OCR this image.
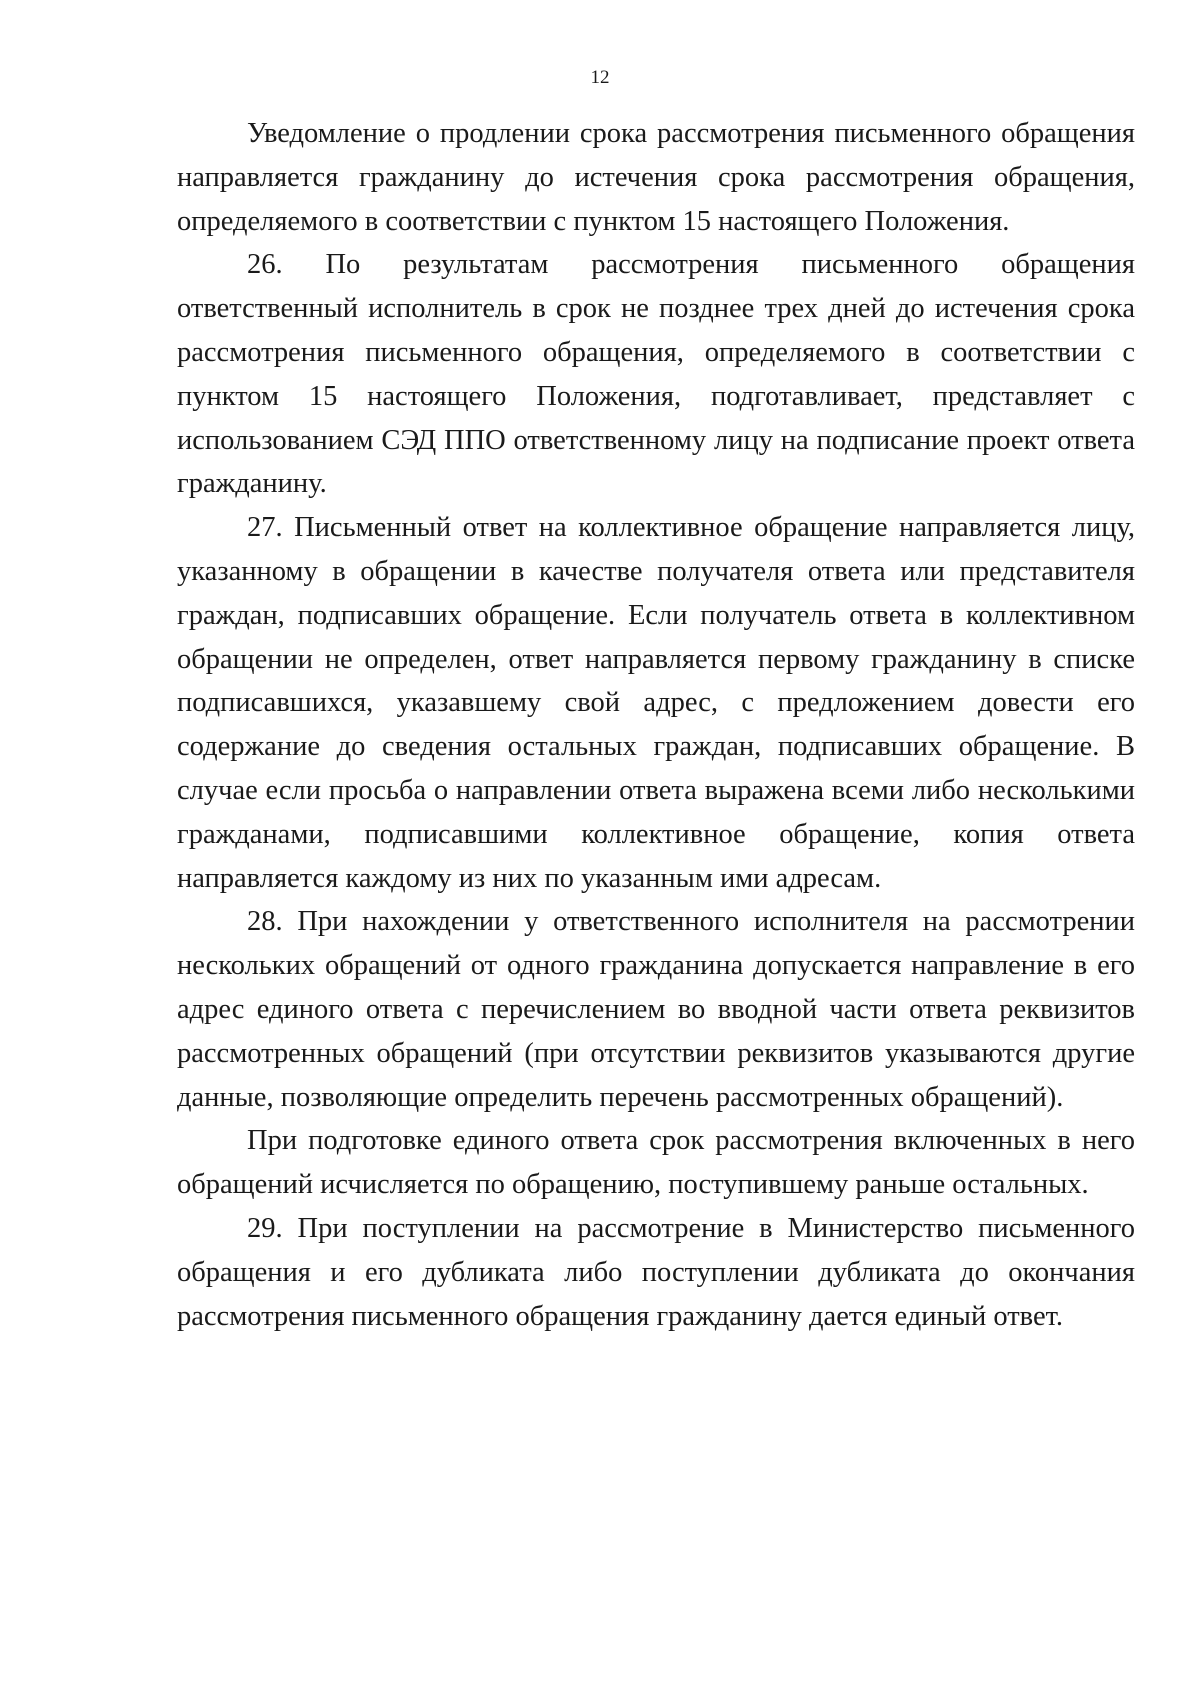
12

Уведомление о продлении срока рассмотрения письменного обращения направляется гражданину до истечения срока рассмотрения обращения, определяемого в соответствии с пунктом 15 настоящего Положения.

26. По результатам рассмотрения письменного обращения ответственный исполнитель в срок не позднее трех дней до истечения срока рассмотрения письменного обращения, определяемого в соответствии с пунктом 15 настоящего Положения, подготавливает, представляет с использованием СЭД ППО ответственному лицу на подписание проект ответа гражданину.

27. Письменный ответ на коллективное обращение направляется лицу, указанному в обращении в качестве получателя ответа или представителя граждан, подписавших обращение. Если получатель ответа в коллективном обращении не определен, ответ направляется первому гражданину в списке подписавшихся, указавшему свой адрес, с предложением довести его содержание до сведения остальных граждан, подписавших обращение. В случае если просьба о направлении ответа выражена всеми либо несколькими гражданами, подписавшими коллективное обращение, копия ответа направляется каждому из них по указанным ими адресам.

28. При нахождении у ответственного исполнителя на рассмотрении нескольких обращений от одного гражданина допускается направление в его адрес единого ответа с перечислением во вводной части ответа реквизитов рассмотренных обращений (при отсутствии реквизитов указываются другие данные, позволяющие определить перечень рассмотренных обращений).

При подготовке единого ответа срок рассмотрения включенных в него обращений исчисляется по обращению, поступившему раньше остальных.

29. При поступлении на рассмотрение в Министерство письменного обращения и его дубликата либо поступлении дубликата до окончания рассмотрения письменного обращения гражданину дается единый ответ.
